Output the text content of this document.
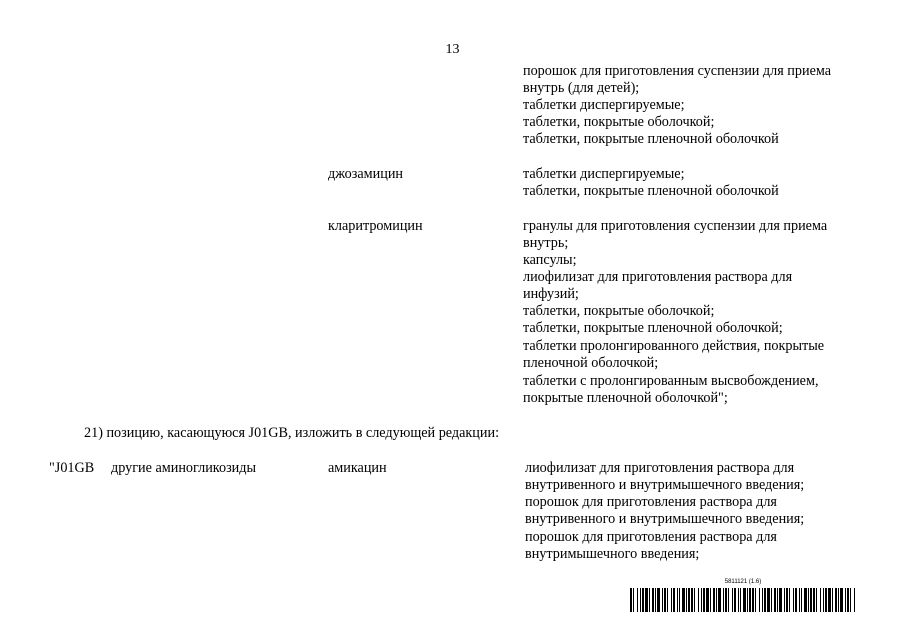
13
порошок для приготовления суспензии для приема
внутрь (для детей);
таблетки диспергируемые;
таблетки, покрытые оболочкой;
таблетки, покрытые пленочной оболочкой
джозамицин	таблетки диспергируемые;
таблетки, покрытые пленочной оболочкой
кларитромицин	гранулы для приготовления суспензии для приема
внутрь;
капсулы;
лиофилизат для приготовления раствора для
инфузий;
таблетки, покрытые оболочкой;
таблетки, покрытые пленочной оболочкой;
таблетки пролонгированного действия, покрытые
пленочной оболочкой;
таблетки с пролонгированным высвобождением,
покрытые пленочной оболочкой";
21) позицию, касающуюся J01GB, изложить в следующей редакции:
"J01GB другие аминогликозиды	амикацин	лиофилизат для приготовления раствора для
внутривенного и внутримышечного введения;
порошок для приготовления раствора для
внутривенного и внутримышечного введения;
порошок для приготовления раствора для
внутримышечного введения;
5811121 (1.6)
